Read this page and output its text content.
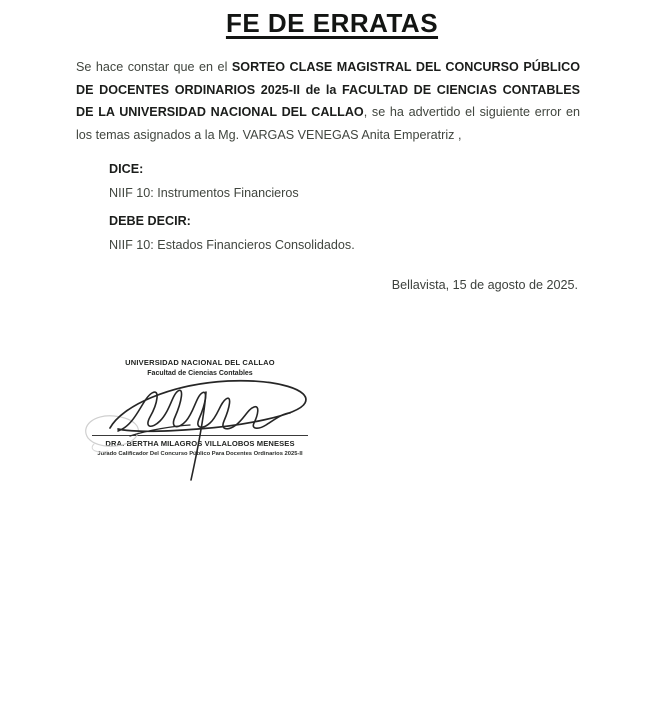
FE DE ERRATAS

Se hace constar que en el SORTEO CLASE MAGISTRAL DEL CONCURSO PÚBLICO DE DOCENTES ORDINARIOS 2025-II de la FACULTAD DE CIENCIAS CONTABLES DE LA UNIVERSIDAD NACIONAL DEL CALLAO, se ha advertido el siguiente error en los temas asignados a la Mg. VARGAS VENEGAS Anita Emperatriz ,

DICE:

NIIF 10: Instrumentos Financieros

DEBE DECIR:

NIIF 10: Estados Financieros Consolidados.

Bellavista, 15 de agosto de 2025.

UNIVERSIDAD NACIONAL DEL CALLAO
Facultad de Ciencias Contables
DRA. BERTHA MILAGROS VILLALOBOS MENESES
Jurado Calificador Del Concurso Público Para Docentes Ordinarios 2025-II
